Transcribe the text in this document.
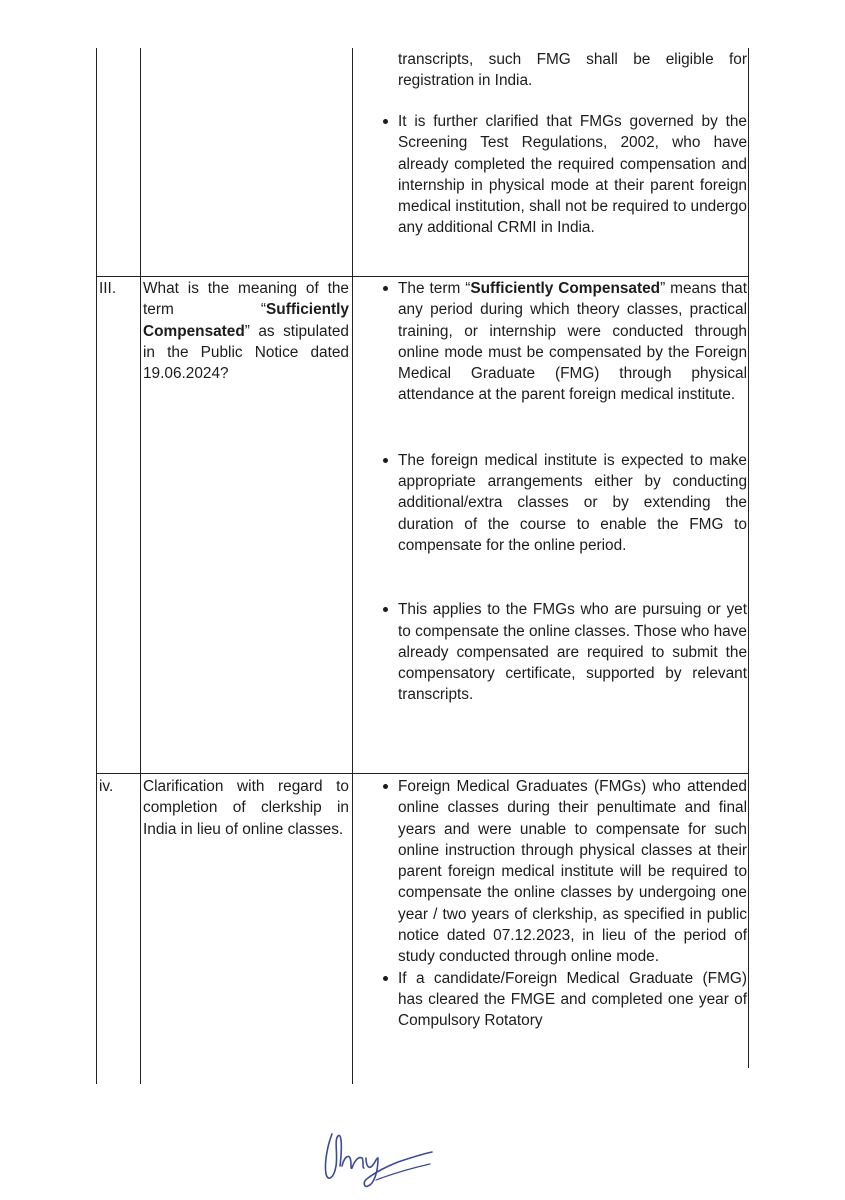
transcripts, such FMG shall be eligible for registration in India.

It is further clarified that FMGs governed by the Screening Test Regulations, 2002, who have already completed the required compensation and internship in physical mode at their parent foreign medical institution, shall not be required to undergo any additional CRMI in India.
III. What is the meaning of the term “Sufficiently Compensated” as stipulated in the Public Notice dated 19.06.2024?

The term “Sufficiently Compensated” means that any period during which theory classes, practical training, or internship were conducted through online mode must be compensated by the Foreign Medical Graduate (FMG) through physical attendance at the parent foreign medical institute.
The foreign medical institute is expected to make appropriate arrangements either by conducting additional/extra classes or by extending the duration of the course to enable the FMG to compensate for the online period.
This applies to the FMGs who are pursuing or yet to compensate the online classes. Those who have already compensated are required to submit the compensatory certificate, supported by relevant transcripts.
iv. Clarification with regard to completion of clerkship in India in lieu of online classes.

Foreign Medical Graduates (FMGs) who attended online classes during their penultimate and final years and were unable to compensate for such online instruction through physical classes at their parent foreign medical institute will be required to compensate the online classes by undergoing one year / two years of clerkship, as specified in public notice dated 07.12.2023, in lieu of the period of study conducted through online mode.
If a candidate/Foreign Medical Graduate (FMG) has cleared the FMGE and completed one year of Compulsory Rotatory
